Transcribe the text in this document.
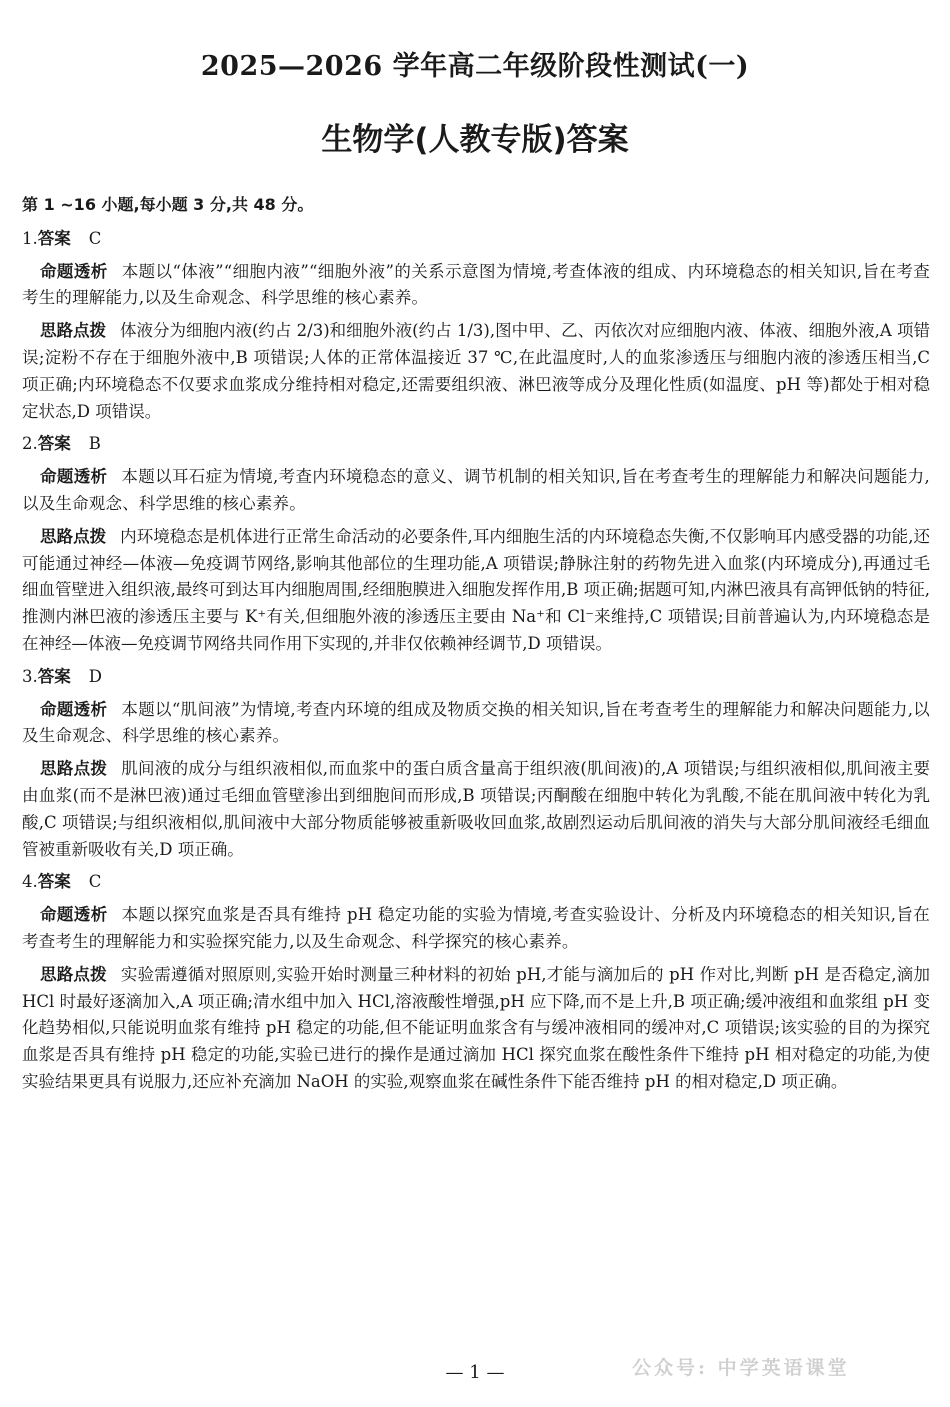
2025—2026 学年高二年级阶段性测试(一)
生物学(人教专版)答案
第 1 ~16 小题,每小题 3 分,共 48 分。
1.答案 C
命题透析 本题以“体液”“细胞内液”“细胞外液”的关系示意图为情境,考查体液的组成、内环境稳态的相关知识,旨在考查考生的理解能力,以及生命观念、科学思维的核心素养。
思路点拨 体液分为细胞内液(约占 2/3)和细胞外液(约占 1/3),图中甲、乙、丙依次对应细胞内液、体液、细胞外液,A 项错误;淀粉不存在于细胞外液中,B 项错误;人体的正常体温接近 37 ℃,在此温度时,人的血浆渗透压与细胞内液的渗透压相当,C 项正确;内环境稳态不仅要求血浆成分维持相对稳定,还需要组织液、淋巴液等成分及理化性质(如温度、pH 等)都处于相对稳定状态,D 项错误。
2.答案 B
命题透析 本题以耳石症为情境,考查内环境稳态的意义、调节机制的相关知识,旨在考查考生的理解能力和解决问题能力,以及生命观念、科学思维的核心素养。
思路点拨 内环境稳态是机体进行正常生命活动的必要条件,耳内细胞生活的内环境稳态失衡,不仅影响耳内感受器的功能,还可能通过神经—体液—免疫调节网络,影响其他部位的生理功能,A 项错误;静脉注射的药物先进入血浆(内环境成分),再通过毛细血管壁进入组织液,最终可到达耳内细胞周围,经细胞膜进入细胞发挥作用,B 项正确;据题可知,内淋巴液具有高钾低钠的特征,推测内淋巴液的渗透压主要与 K⁺有关,但细胞外液的渗透压主要由 Na⁺和 Cl⁻来维持,C 项错误;目前普遍认为,内环境稳态是在神经—体液—免疫调节网络共同作用下实现的,并非仅依赖神经调节,D 项错误。
3.答案 D
命题透析 本题以“肌间液”为情境,考查内环境的组成及物质交换的相关知识,旨在考查考生的理解能力和解决问题能力,以及生命观念、科学思维的核心素养。
思路点拨 肌间液的成分与组织液相似,而血浆中的蛋白质含量高于组织液(肌间液)的,A 项错误;与组织液相似,肌间液主要由血浆(而不是淋巴液)通过毛细血管壁渗出到细胞间而形成,B 项错误;丙酮酸在细胞中转化为乳酸,不能在肌间液中转化为乳酸,C 项错误;与组织液相似,肌间液中大部分物质能够被重新吸收回血浆,故剧烈运动后肌间液的消失与大部分肌间液经毛细血管被重新吸收有关,D 项正确。
4.答案 C
命题透析 本题以探究血浆是否具有维持 pH 稳定功能的实验为情境,考查实验设计、分析及内环境稳态的相关知识,旨在考查考生的理解能力和实验探究能力,以及生命观念、科学探究的核心素养。
思路点拨 实验需遵循对照原则,实验开始时测量三种材料的初始 pH,才能与滴加后的 pH 作对比,判断 pH 是否稳定,滴加 HCl 时最好逐滴加入,A 项正确;清水组中加入 HCl,溶液酸性增强,pH 应下降,而不是上升,B 项正确;缓冲液组和血浆组 pH 变化趋势相似,只能说明血浆有维持 pH 稳定的功能,但不能证明血浆含有与缓冲液相同的缓冲对,C 项错误;该实验的目的为探究血浆是否具有维持 pH 稳定的功能,实验已进行的操作是通过滴加 HCl 探究血浆在酸性条件下维持 pH 相对稳定的功能,为使实验结果更具有说服力,还应补充滴加 NaOH 的实验,观察血浆在碱性条件下能否维持 pH 的相对稳定,D 项正确。
公众号: 中学英语课堂
— 1 —
